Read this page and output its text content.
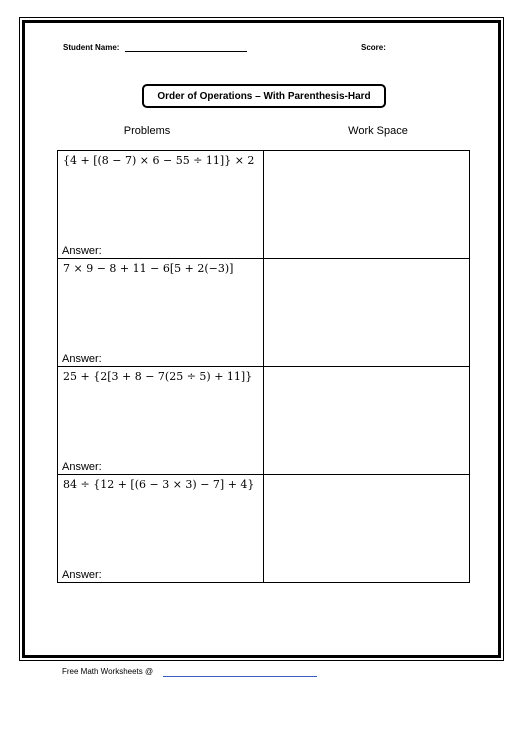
Student Name:	Score:
Order of Operations – With Parenthesis-Hard
Problems	Work Space
{4 + [(8 − 7) × 6 − 55 ÷ 11]} × 2
Answer:	

7 × 9 − 8 + 11 − 6[5 + 2(−3)]
Answer:	

25 + {2[3 + 8 − 7(25 ÷ 5) + 11]}
Answer:	

84 ÷ {12 + [(6 − 3 × 3) − 7] + 4}
Answer:	

Free Math Worksheets @
